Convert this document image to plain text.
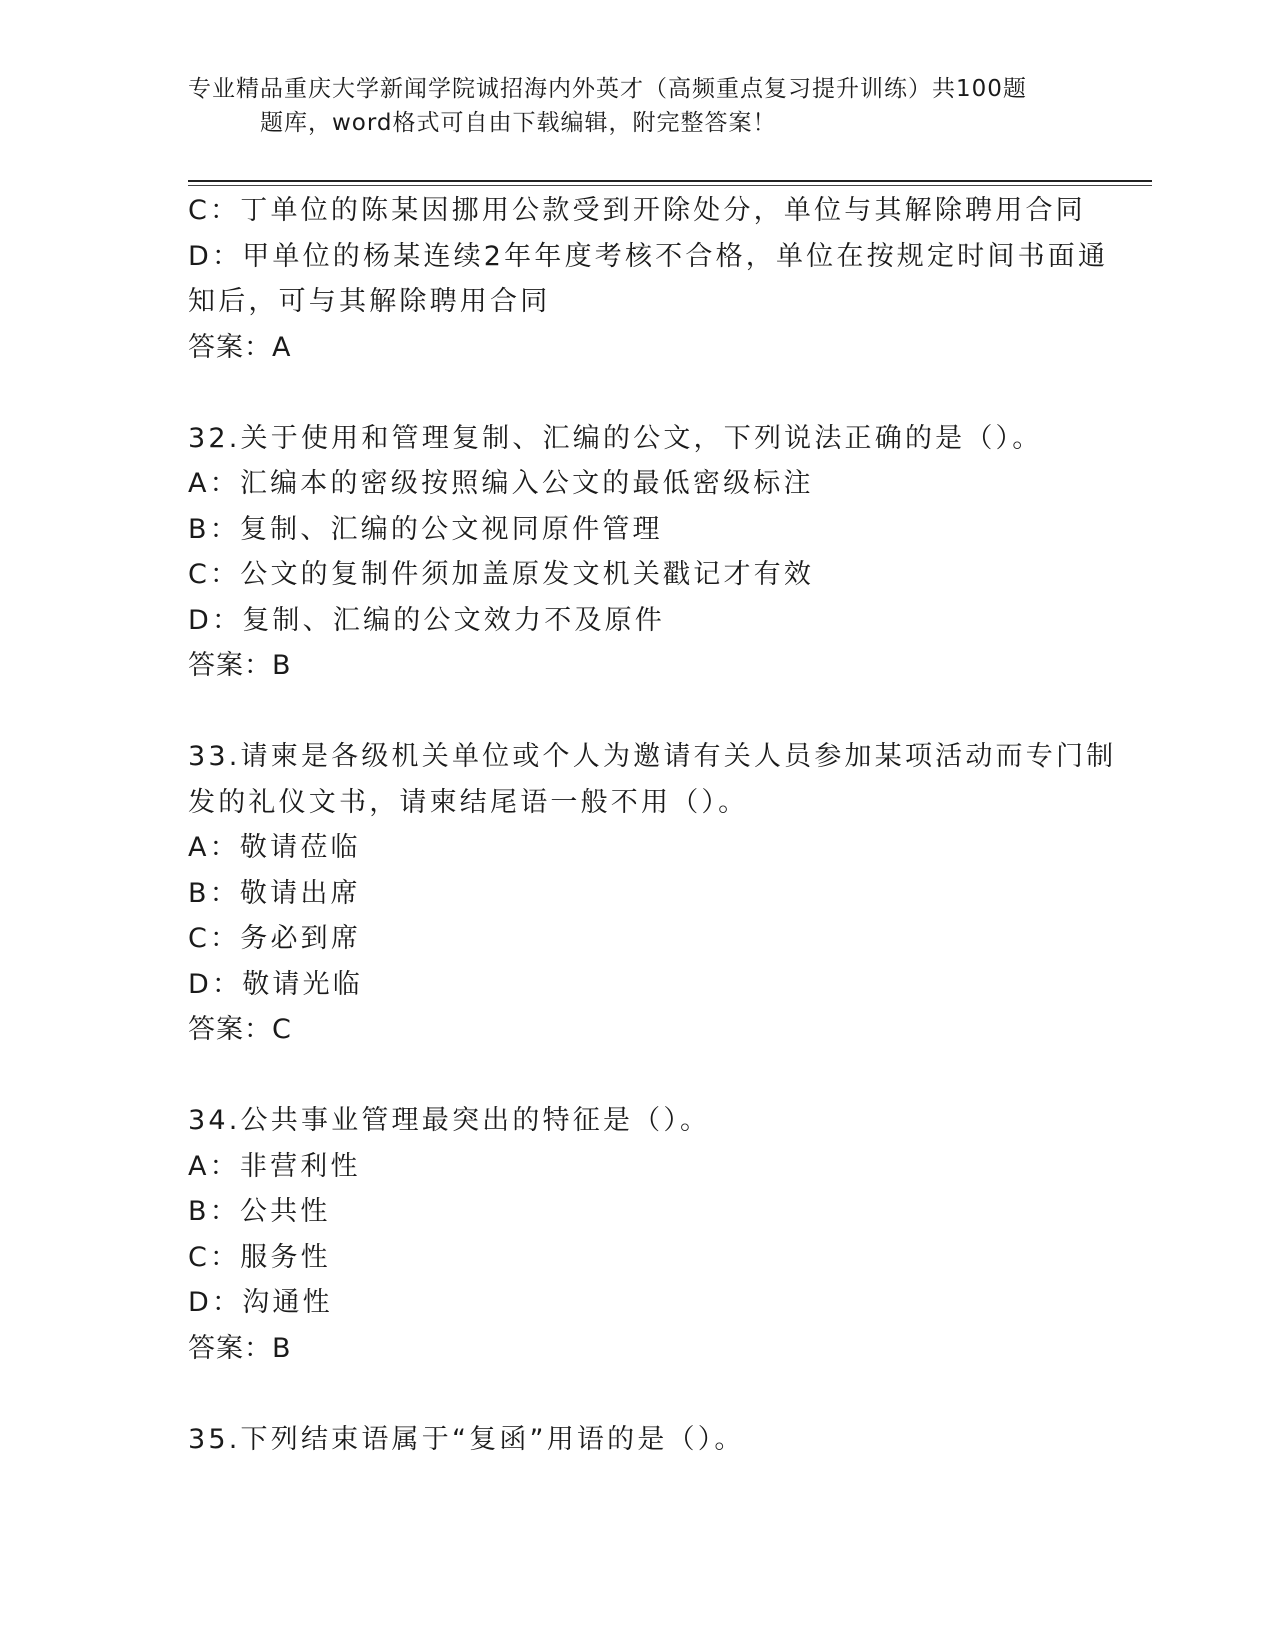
专业精品重庆大学新闻学院诚招海内外英才（高频重点复习提升训练）共100题
题库，word格式可自由下载编辑，附完整答案！
C：丁单位的陈某因挪用公款受到开除处分，单位与其解除聘用合同
D：甲单位的杨某连续2年年度考核不合格，单位在按规定时间书面通
知后，可与其解除聘用合同
答案：A
32.关于使用和管理复制、汇编的公文，下列说法正确的是（）。
A：汇编本的密级按照编入公文的最低密级标注
B：复制、汇编的公文视同原件管理
C：公文的复制件须加盖原发文机关戳记才有效
D：复制、汇编的公文效力不及原件
答案：B
33.请柬是各级机关单位或个人为邀请有关人员参加某项活动而专门制
发的礼仪文书，请柬结尾语一般不用（）。
A：敬请莅临
B：敬请出席
C：务必到席
D：敬请光临
答案：C
34.公共事业管理最突出的特征是（）。
A：非营利性
B：公共性
C：服务性
D：沟通性
答案：B
35.下列结束语属于“复函”用语的是（）。
